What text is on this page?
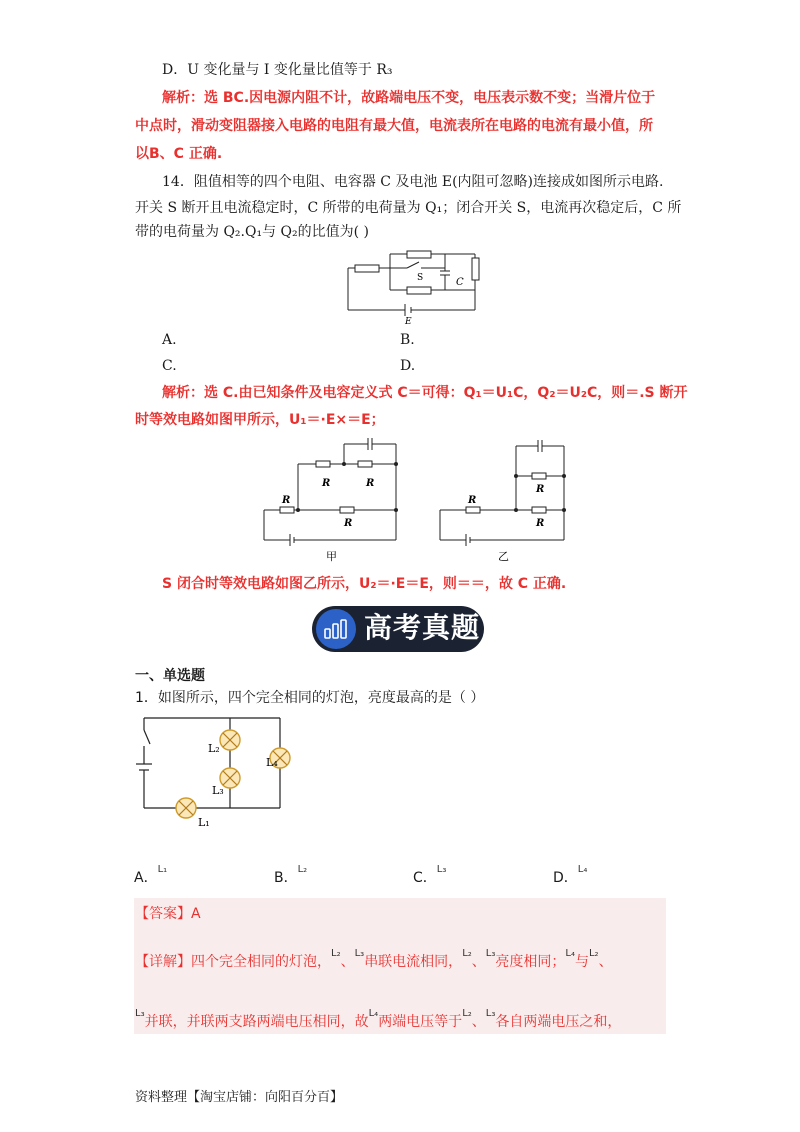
D．U 变化量与 I 变化量比值等于 R₃
解析：选 BC.因电源内阻不计，故路端电压不变，电压表示数不变；当滑片位于
中点时，滑动变阻器接入电路的电阻有最大值，电流表所在电路的电流有最小值，所
以B、C 正确.
14．阻值相等的四个电阻、电容器 C 及电池 E(内阻可忽略)连接成如图所示电路.
开关 S 断开且电流稳定时，C 所带的电荷量为 Q₁；闭合开关 S，电流再次稳定后，C 所
带的电荷量为 Q₂.Q₁与 Q₂的比值为( )
S	C
E
A.	B.
C.	D.
解析：选 C.由已知条件及电容定义式 C＝可得：Q₁＝U₁C，Q₂＝U₂C，则＝.S 断开
时等效电路如图甲所示，U₁＝·E×＝E；
R
R	R
R
甲
R
R
R
乙
S 闭合时等效电路如图乙所示，U₂＝·E＝E，则＝＝，故 C 正确.
高考真题
一、单选题
1．如图所示，四个完全相同的灯泡，亮度最高的是（ ）
L₂
L₃
L₄
L₁
A．$^{L_1}$
B．$^{L_2}$
C．$^{L_3}$
D．$^{L_4}$
【答案】A
【详解】四个完全相同的灯泡，$^{L_2}$、$^{L_3}$串联电流相同，$^{L_2}$、$^{L_3}$亮度相同；$^{L_4}$与$^{L_2}$、
$^{L_3}$并联，并联两支路两端电压相同，故$^{L_4}$两端电压等于$^{L_2}$、$^{L_3}$各自两端电压之和，
资料整理【淘宝店铺：向阳百分百】
